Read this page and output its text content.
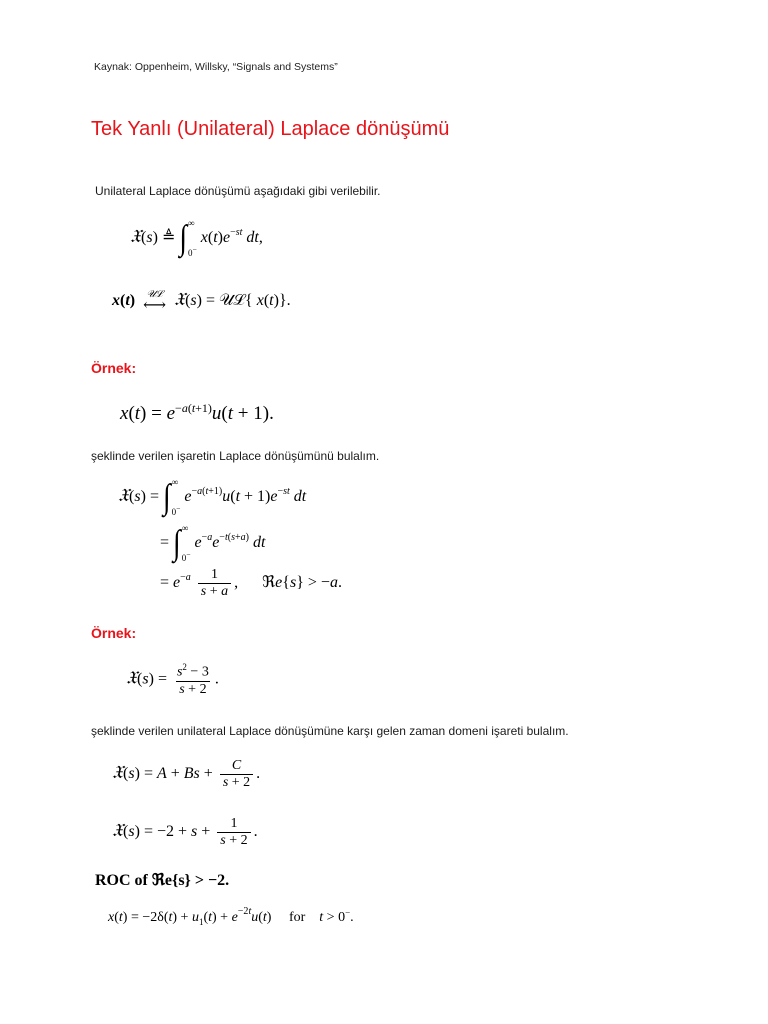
Kaynak: Oppenheim, Willsky, “Signals and Systems”
Tek Yanlı (Unilateral) Laplace dönüşümü
Unilateral Laplace dönüşümü aşağıdaki gibi verilebilir.
𝔛(s) ≜ ∫ ∞
0−
$x(t)e^{-st}$ dt,
x(t) 𝒰ℒ
⟷ 𝔛(s) = 𝒰ℒ{ x(t)}.
Örnek:
$x(t) = e^{-a(t+1)}u(t + 1)$.
şeklinde verilen işaretin Laplace dönüşümünü bulalım.
𝔛(s) = ∫ ∞
0−
$e^{-a(t+1)}u(t + 1)e^{-st}$ dt
= ∫ ∞
0−
$e^{-a}e^{-t(s+a)}$ dt
= $e^{-a} \frac{1}{s + a}$ ,      ℜe{s} > −a.
Örnek:
𝔛(s) = $\frac{s^2 - 3}{s + 2}$ .
şeklinde verilen unilateral Laplace dönüşümüne karşı gelen zaman domeni işareti bulalım.
𝔛(s) = $A + Bs + \frac{C}{s + 2}$ .
𝔛(s) = $-2 + s + \frac{1}{s + 2}$ .
ROC of ℜe{s} > −2.
$x(t) = -2\delta(t) + u_1(t) + e^{-2t}u(t)$     for    t > 0−.
